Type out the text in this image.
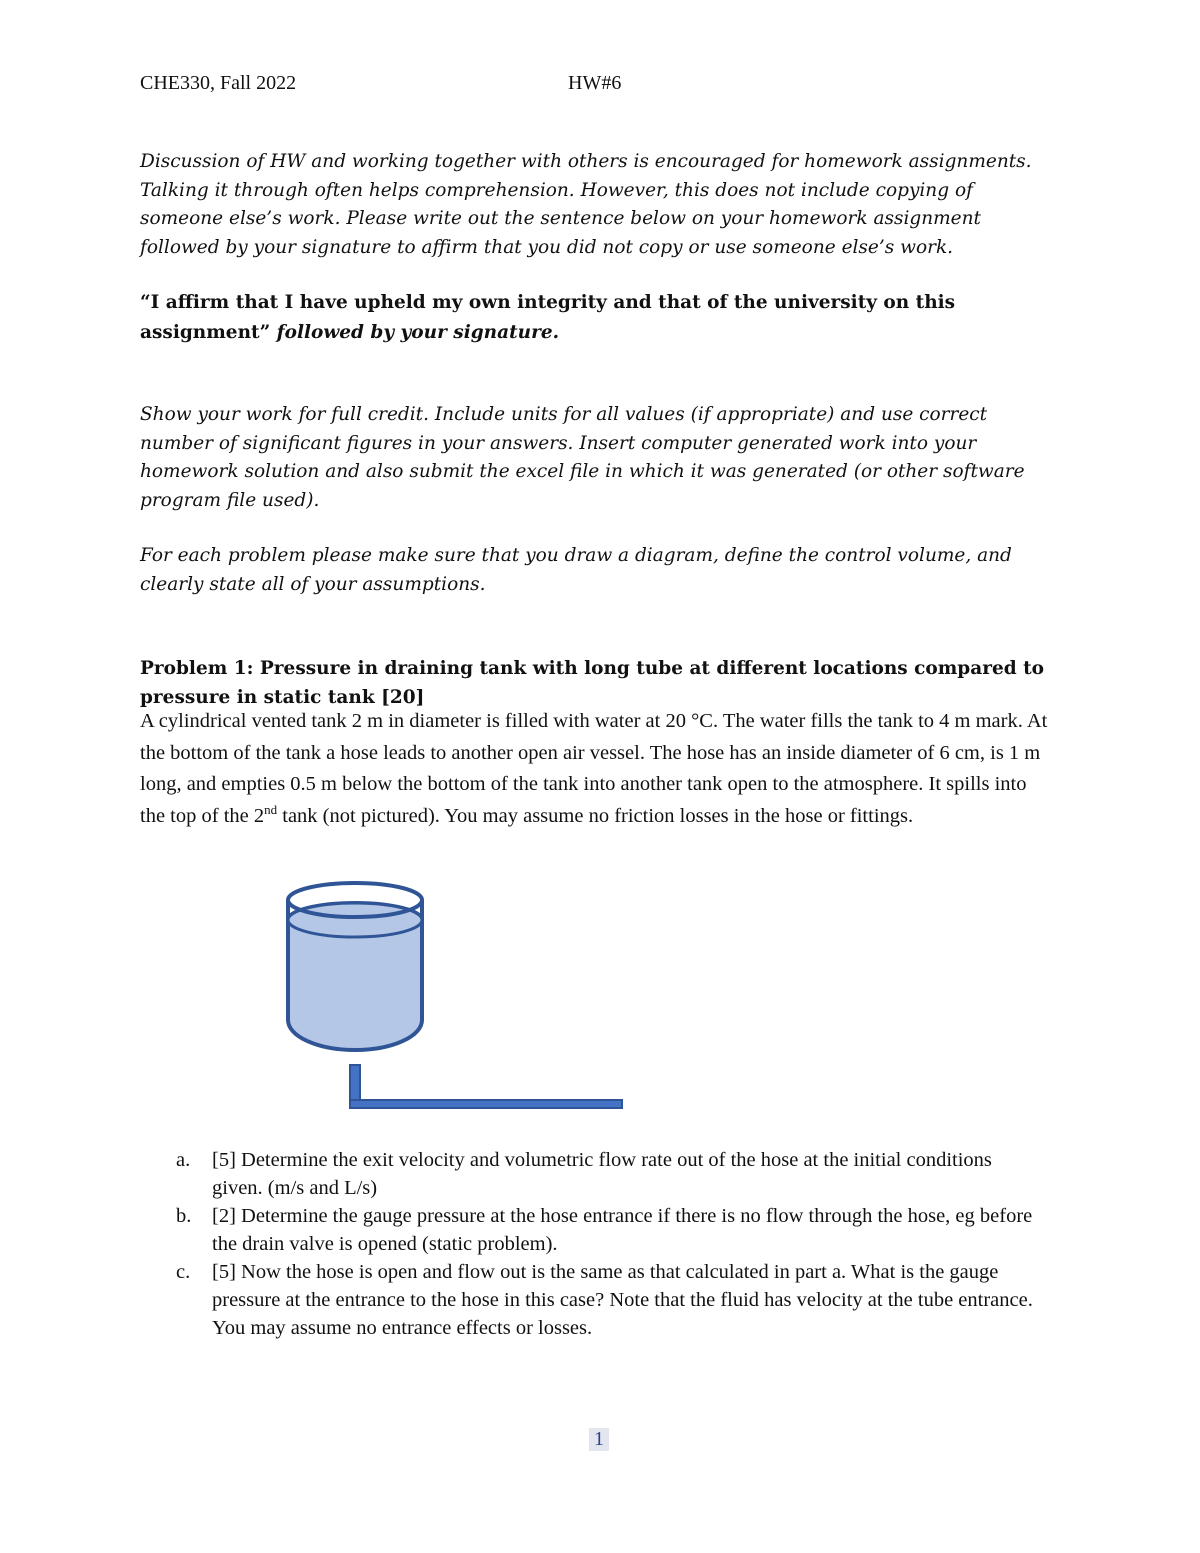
CHE330, Fall 2022	HW#6

Discussion of HW and working together with others is encouraged for homework assignments. Talking it through often helps comprehension. However, this does not include copying of someone else’s work. Please write out the sentence below on your homework assignment followed by your signature to affirm that you did not copy or use someone else’s work.

“I affirm that I have upheld my own integrity and that of the university on this assignment” followed by your signature.

Show your work for full credit. Include units for all values (if appropriate) and use correct number of significant figures in your answers. Insert computer generated work into your homework solution and also submit the excel file in which it was generated (or other software program file used).

For each problem please make sure that you draw a diagram, define the control volume, and clearly state all of your assumptions.

Problem 1: Pressure in draining tank with long tube at different locations compared to pressure in static tank [20]

A cylindrical vented tank 2 m in diameter is filled with water at 20 °C. The water fills the tank to 4 m mark. At the bottom of the tank a hose leads to another open air vessel. The hose has an inside diameter of 6 cm, is 1 m long, and empties 0.5 m below the bottom of the tank into another tank open to the atmosphere. It spills into the top of the 2nd tank (not pictured). You may assume no friction losses in the hose or fittings.

a. [5] Determine the exit velocity and volumetric flow rate out of the hose at the initial conditions given. (m/s and L/s)
b. [2] Determine the gauge pressure at the hose entrance if there is no flow through the hose, eg before the drain valve is opened (static problem).
c. [5] Now the hose is open and flow out is the same as that calculated in part a. What is the gauge pressure at the entrance to the hose in this case? Note that the fluid has velocity at the tube entrance. You may assume no entrance effects or losses.
1
